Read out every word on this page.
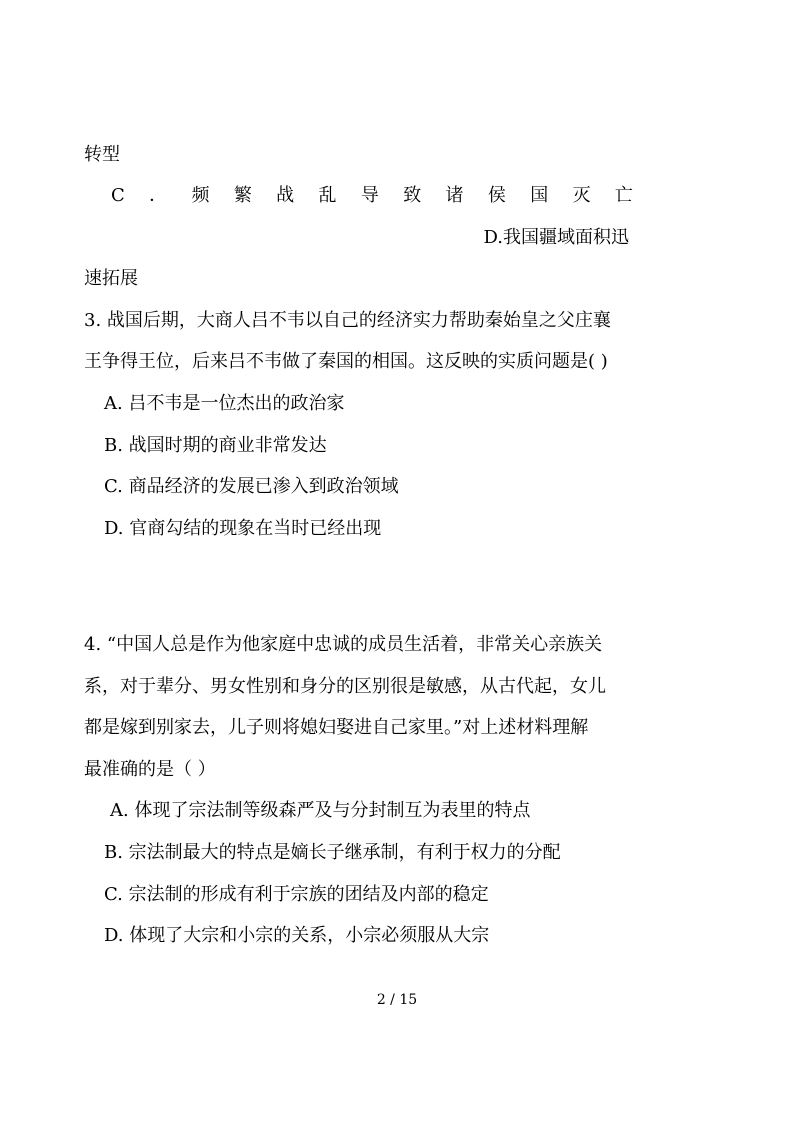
转型
C ． 频 繁 战 乱 导 致 诸 侯 国 灭 亡
D.我国疆域面积迅
速拓展
3. 战国后期，大商人吕不韦以自己的经济实力帮助秦始皇之父庄襄
王争得王位，后来吕不韦做了秦国的相国。这反映的实质问题是( )
A. 吕不韦是一位杰出的政治家
B. 战国时期的商业非常发达
C. 商品经济的发展已渗入到政治领域
D. 官商勾结的现象在当时已经出现
4. “中国人总是作为他家庭中忠诚的成员生活着，非常关心亲族关
系，对于辈分、男女性别和身分的区别很是敏感，从古代起，女儿
都是嫁到别家去，儿子则将媳妇娶进自己家里。”对上述材料理解
最准确的是（ ）
A. 体现了宗法制等级森严及与分封制互为表里的特点
B. 宗法制最大的特点是嫡长子继承制，有利于权力的分配
C. 宗法制的形成有利于宗族的团结及内部的稳定
D. 体现了大宗和小宗的关系，小宗必须服从大宗
2 / 15
